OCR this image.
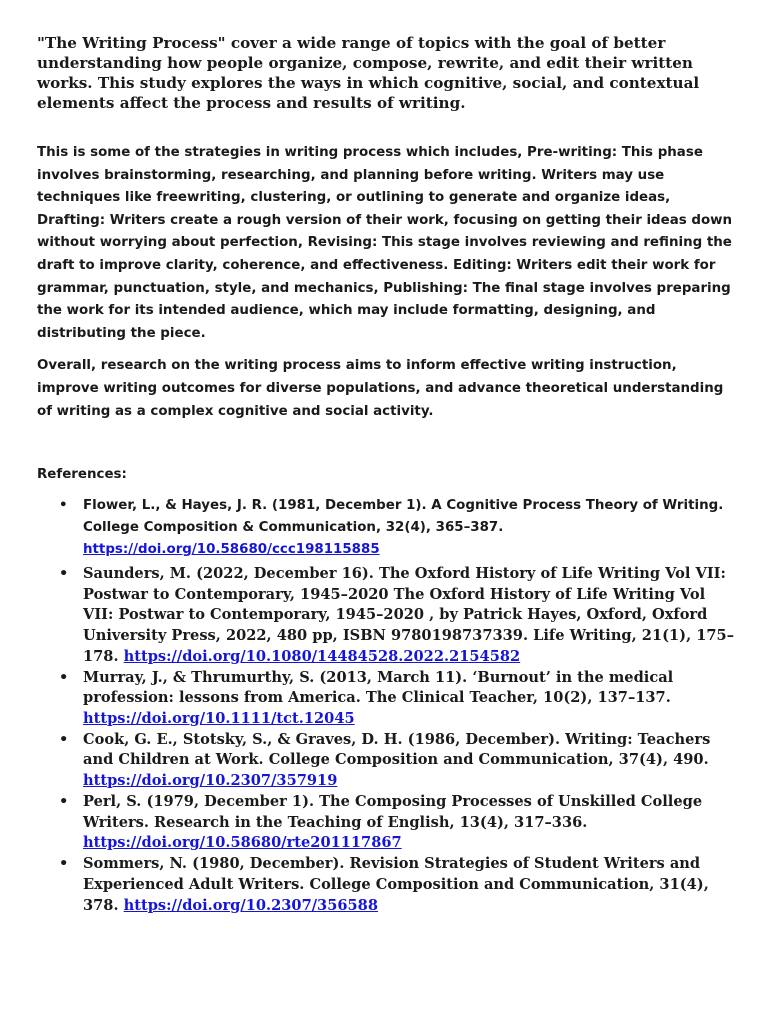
"The Writing Process" cover a wide range of topics with the goal of better understanding how people organize, compose, rewrite, and edit their written works. This study explores the ways in which cognitive, social, and contextual elements affect the process and results of writing.

This is some of the strategies in writing process which includes, Pre-writing: This phase involves brainstorming, researching, and planning before writing. Writers may use techniques like freewriting, clustering, or outlining to generate and organize ideas, Drafting: Writers create a rough version of their work, focusing on getting their ideas down without worrying about perfection, Revising: This stage involves reviewing and refining the draft to improve clarity, coherence, and effectiveness. Editing: Writers edit their work for grammar, punctuation, style, and mechanics, Publishing: The final stage involves preparing the work for its intended audience, which may include formatting, designing, and distributing the piece.

Overall, research on the writing process aims to inform effective writing instruction, improve writing outcomes for diverse populations, and advance theoretical understanding of writing as a complex cognitive and social activity.

References:

• Flower, L., & Hayes, J. R. (1981, December 1). A Cognitive Process Theory of Writing. College Composition & Communication, 32(4), 365–387. https://doi.org/10.58680/ccc198115885
• Saunders, M. (2022, December 16). The Oxford History of Life Writing Vol VII: Postwar to Contemporary, 1945–2020 The Oxford History of Life Writing Vol VII: Postwar to Contemporary, 1945–2020 , by Patrick Hayes, Oxford, Oxford University Press, 2022, 480 pp, ISBN 9780198737339. Life Writing, 21(1), 175–178. https://doi.org/10.1080/14484528.2022.2154582
• Murray, J., & Thrumurthy, S. (2013, March 11). ‘Burnout’ in the medical profession: lessons from America. The Clinical Teacher, 10(2), 137–137. https://doi.org/10.1111/tct.12045
• Cook, G. E., Stotsky, S., & Graves, D. H. (1986, December). Writing: Teachers and Children at Work. College Composition and Communication, 37(4), 490. https://doi.org/10.2307/357919
• Perl, S. (1979, December 1). The Composing Processes of Unskilled College Writers. Research in the Teaching of English, 13(4), 317–336. https://doi.org/10.58680/rte201117867
• Sommers, N. (1980, December). Revision Strategies of Student Writers and Experienced Adult Writers. College Composition and Communication, 31(4), 378. https://doi.org/10.2307/356588
